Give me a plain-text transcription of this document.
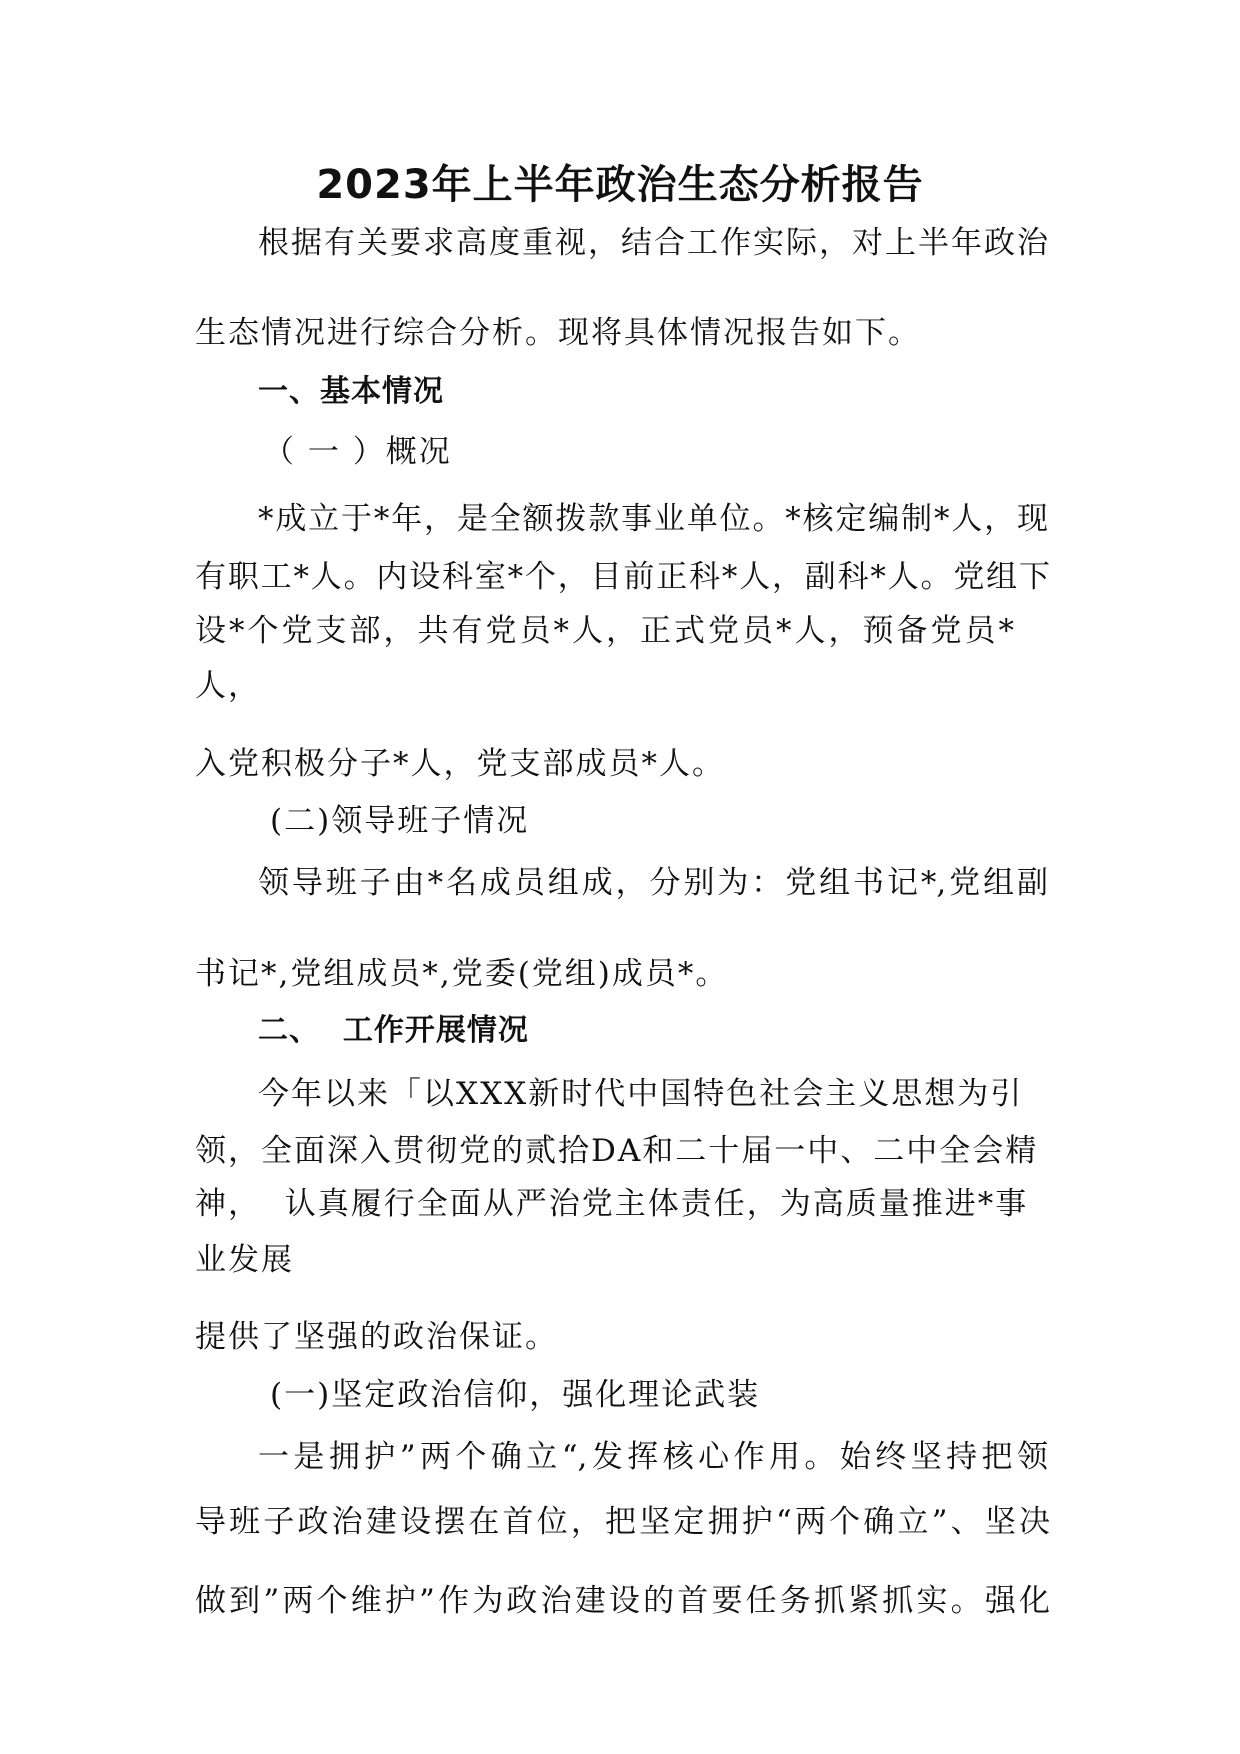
2023年上半年政治生态分析报告
根据有关要求高度重视，结合工作实际，对上半年政治
生态情况进行综合分析。现将具体情况报告如下。
一、基本情况
（ 一 ）概况
*成立于*年，是全额拨款事业单位。*核定编制*人，现
有职工*人。内设科室*个，目前正科*人，副科*人。党组下
设*个党支部，共有党员*人，正式党员*人，预备党员*
人，
入党积极分子*人，党支部成员*人。
(二)领导班子情况
领导班子由*名成员组成，分别为：党组书记*,党组副
书记*,党组成员*,党委(党组)成员*。
二、  工作开展情况
今年以来「以XXX新时代中国特色社会主义思想为引
领，全面深入贯彻党的贰拾DA和二十届一中、二中全会精
神，  认真履行全面从严治党主体责任，为高质量推进*事
业发展
提供了坚强的政治保证。
(一)坚定政治信仰，强化理论武装
一是拥护”两个确立“,发挥核心作用。始终坚持把领
导班子政治建设摆在首位，把坚定拥护“两个确立”、坚决
做到”两个维护”作为政治建设的首要任务抓紧抓实。强化
